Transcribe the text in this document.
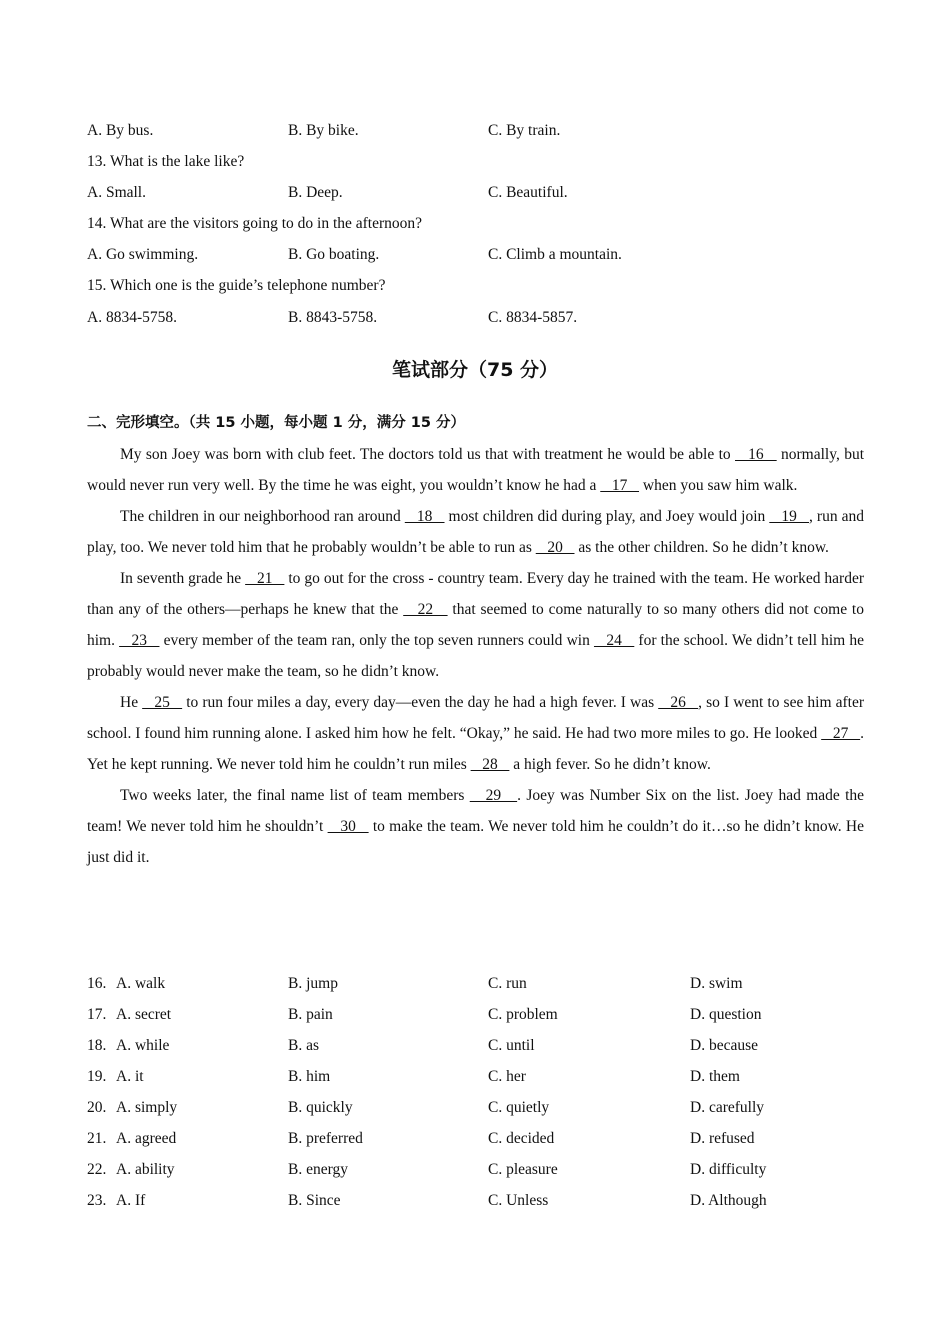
A. By bus.	B. By bike.	C. By train.
13. What is the lake like?
A. Small.	B. Deep.	C. Beautiful.
14. What are the visitors going to do in the afternoon?
A. Go swimming.	B. Go boating.	C. Climb a mountain.
15. Which one is the guide’s telephone number?
A. 8834-5758.	B. 8843-5758.	C. 8834-5857.
笔试部分（75 分）
二、完形填空。（共 15 小题，每小题 1 分，满分 15 分）

My son Joey was born with club feet. The doctors told us that with treatment he would be able to    16    normally, but would never run very well. By the time he was eight, you wouldn’t know he had a    17    when you saw him walk.

The children in our neighborhood ran around    18    most children did during play, and Joey would join    19   , run and play, too. We never told him that he probably wouldn’t be able to run as    20    as the other children. So he didn’t know.

In seventh grade he    21    to go out for the cross - country team. Every day he trained with the team. He worked harder than any of the others—perhaps he knew that the    22    that seemed to come naturally to so many others did not come to him.    23    every member of the team ran, only the top seven runners could win    24    for the school. We didn’t tell him he probably would never make the team, so he didn’t know.

He    25    to run four miles a day, every day—even the day he had a high fever. I was    26   , so I went to see him after school. I found him running alone. I asked him how he felt. “Okay,” he said. He had two more miles to go. He looked    27   . Yet he kept running. We never told him he couldn’t run miles    28    a high fever. So he didn’t know.

Two weeks later, the final name list of team members    29   . Joey was Number Six on the list. Joey had made the team! We never told him he shouldn’t    30    to make the team. We never told him he couldn’t do it…so he didn’t know. He just did it.

16. A. walk	B. jump	C. run	D. swim
17. A. secret	B. pain	C. problem	D. question
18. A. while	B. as	C. until	D. because
19. A. it	B. him	C. her	D. them
20. A. simply	B. quickly	C. quietly	D. carefully
21. A. agreed	B. preferred	C. decided	D. refused
22. A. ability	B. energy	C. pleasure	D. difficulty
23. A. If	B. Since	C. Unless	D. Although
